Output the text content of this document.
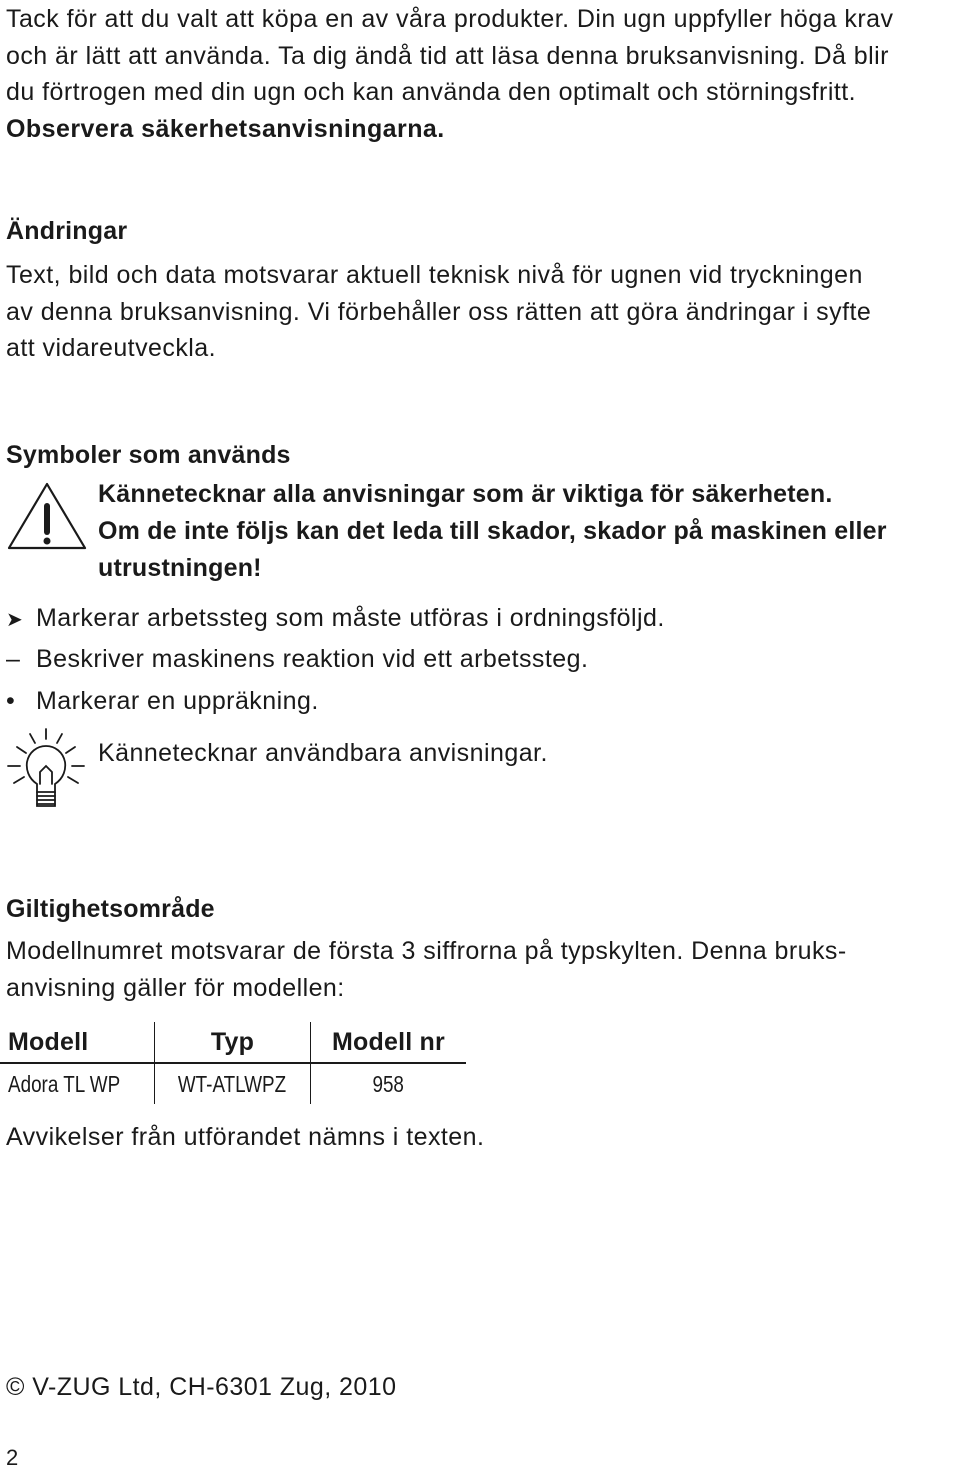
Tack för att du valt att köpa en av våra produkter. Din ugn uppfyller höga krav
och är lätt att använda. Ta dig ändå tid att läsa denna bruksanvisning. Då blir
du förtrogen med din ugn och kan använda den optimalt och störningsfritt.
Observera säkerhetsanvisningarna.
Ändringar
Text, bild och data motsvarar aktuell teknisk nivå för ugnen vid tryckningen
av denna bruksanvisning. Vi förbehåller oss rätten att göra ändringar i syfte
att vidareutveckla.
Symboler som används
Kännetecknar alla anvisningar som är viktiga för säkerheten.
Om de inte följs kan det leda till skador, skador på maskinen eller
utrustningen!
➤ Markerar arbetssteg som måste utföras i ordningsföljd.
– Beskriver maskinens reaktion vid ett arbetssteg.
• Markerar en uppräkning.
Kännetecknar användbara anvisningar.
Giltighetsområde
Modellnumret motsvarar de första 3 siffrorna på typskylten. Denna bruks-
anvisning gäller för modellen:
Modell	Typ	Modell nr
Adora TL WP	WT-ATLWPZ	958
Avvikelser från utförandet nämns i texten.
© V-ZUG Ltd, CH-6301 Zug, 2010
2
